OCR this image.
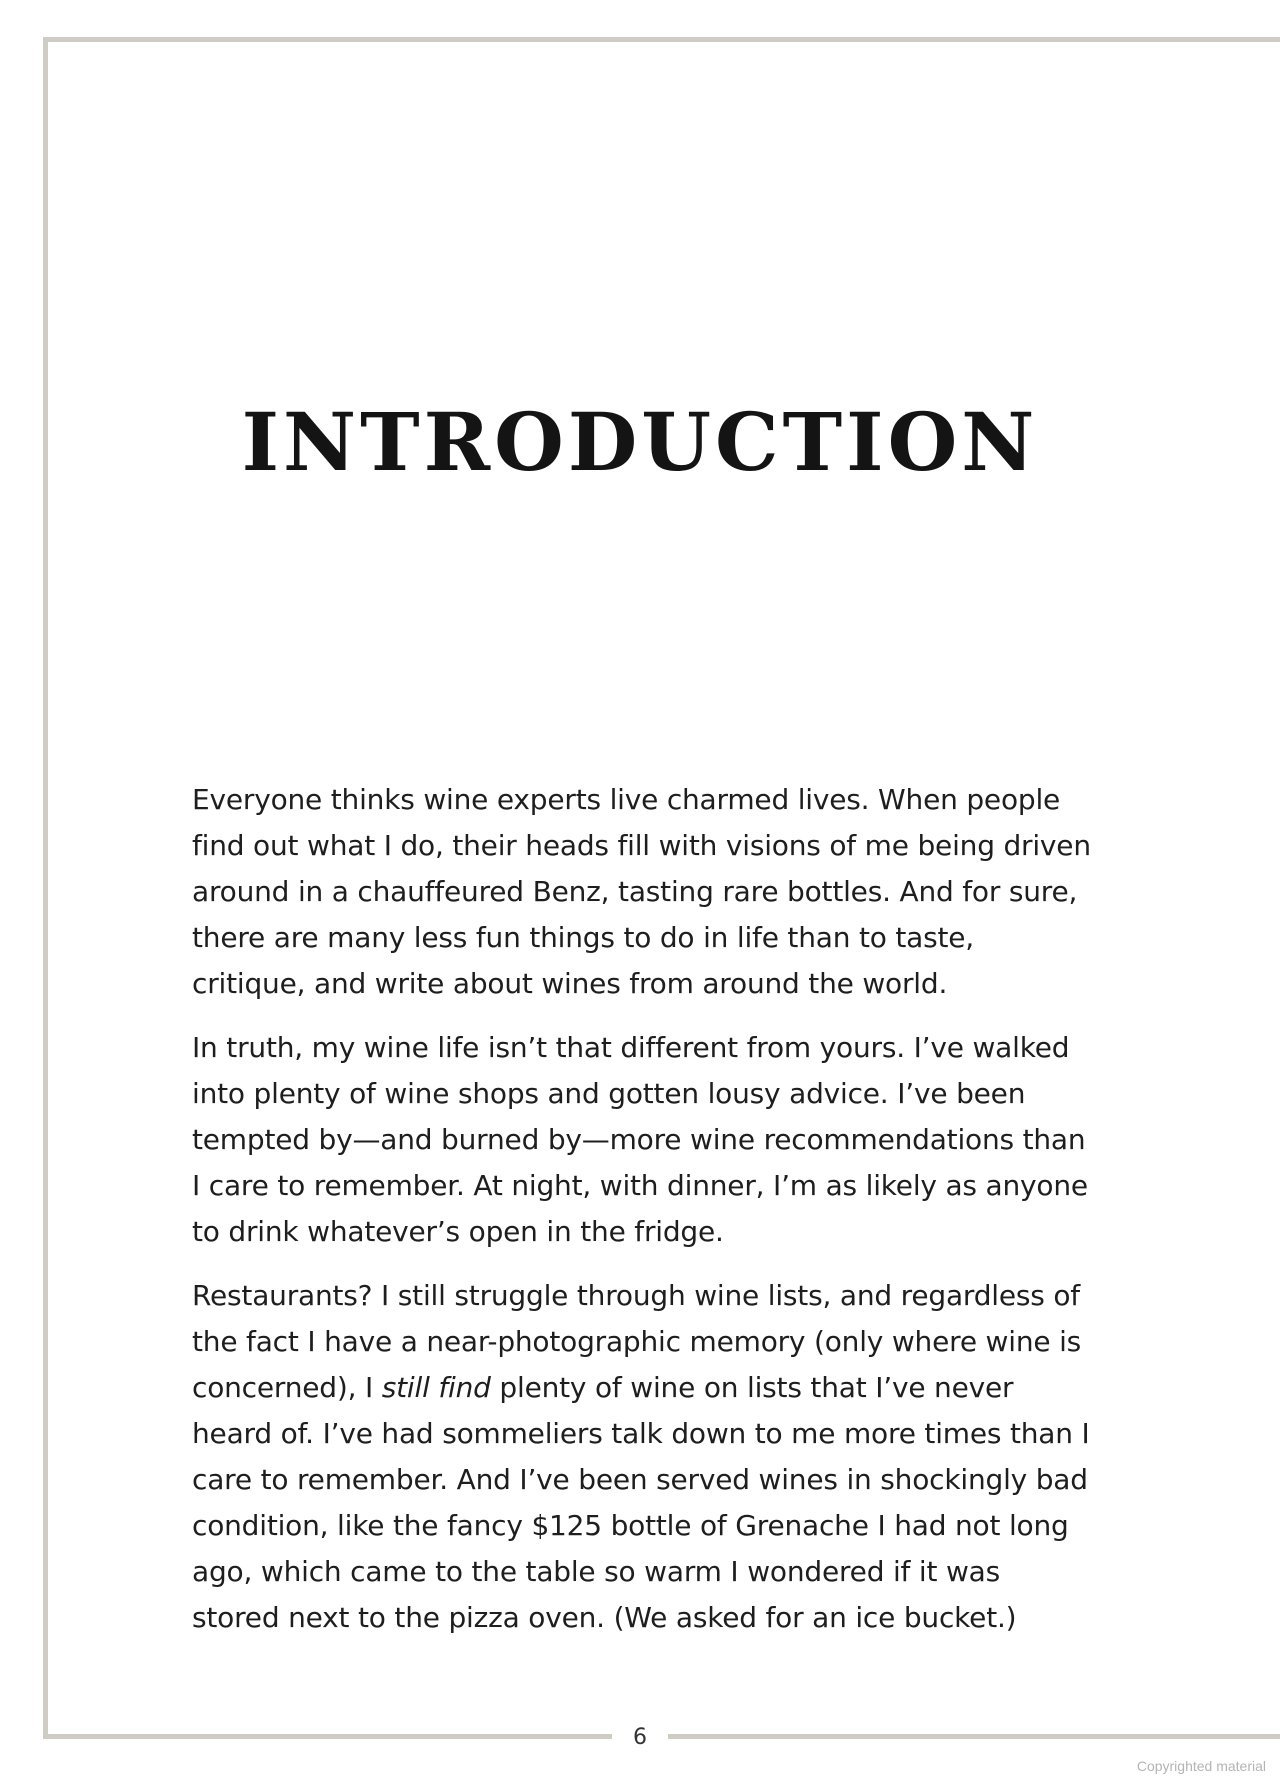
INTRODUCTION

Everyone thinks wine experts live charmed lives. When people find out what I do, their heads fill with visions of me being driven around in a chauffeured Benz, tasting rare bottles. And for sure, there are many less fun things to do in life than to taste, critique, and write about wines from around the world.

In truth, my wine life isn’t that different from yours. I’ve walked into plenty of wine shops and gotten lousy advice. I’ve been tempted by—and burned by—more wine recommendations than I care to remember. At night, with dinner, I’m as likely as anyone to drink whatever’s open in the fridge.

Restaurants? I still struggle through wine lists, and regardless of the fact I have a near-photographic memory (only where wine is concerned), I still find plenty of wine on lists that I’ve never heard of. I’ve had sommeliers talk down to me more times than I care to remember. And I’ve been served wines in shockingly bad condition, like the fancy $125 bottle of Grenache I had not long ago, which came to the table so warm I wondered if it was stored next to the pizza oven. (We asked for an ice bucket.)

6
Copyrighted material
